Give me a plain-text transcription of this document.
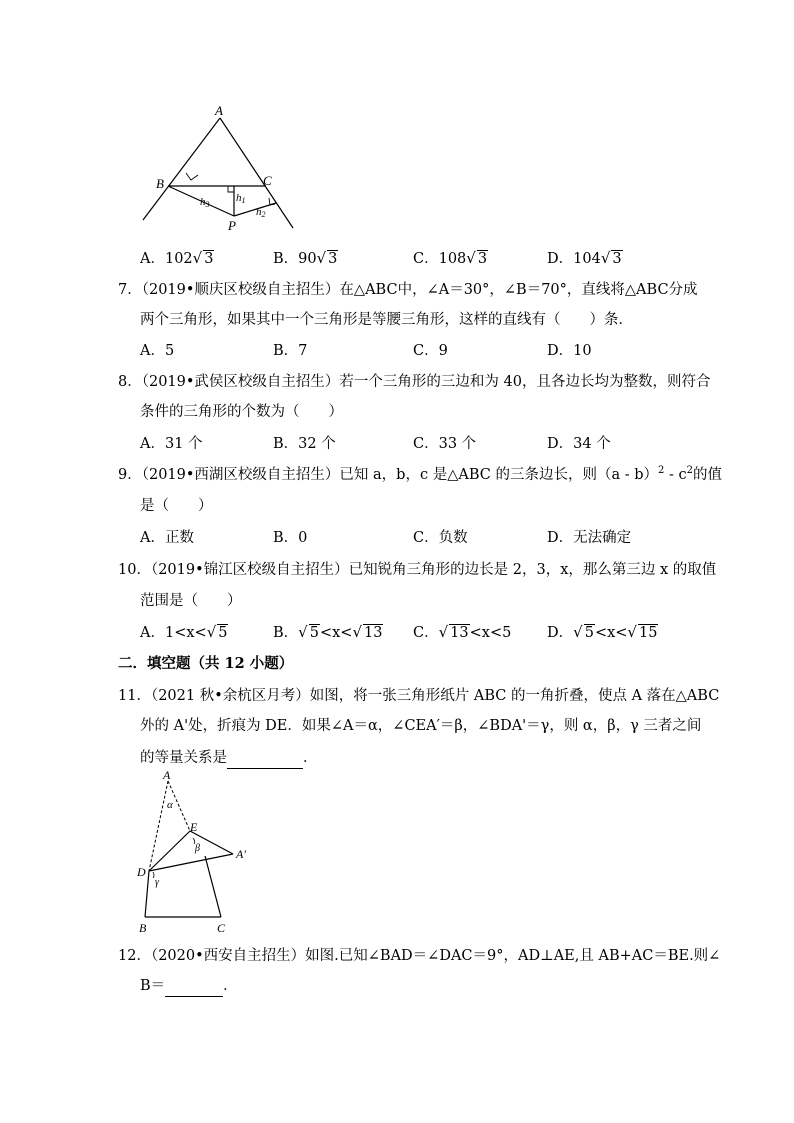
A
B	C
P
h1
h2
h3
A．102√ 3	B．90√ 3	C．108√ 3	D．104√ 3
7．（2019•顺庆区校级自主招生）在△ABC中，∠A＝30°，∠B＝70°，直线将△ABC分成
两个三角形，如果其中一个三角形是等腰三角形，这样的直线有（　　）条．
A．5	B．7	C．9	D．10
8．（2019•武侯区校级自主招生）若一个三角形的三边和为 40，且各边长均为整数，则符合
条件的三角形的个数为（　　）
A．31 个	B．32 个	C．33 个	D．34 个
9．（2019•西湖区校级自主招生）已知 a，b，c 是△ABC 的三条边长，则$(a - b)^2 - c^2$的值
是（　　）
A．正数	B．0	C．负数	D．无法确定
10．（2019•锦江区校级自主招生）已知锐角三角形的边长是 2，3，x，那么第三边 x 的取值
范围是（　　）
A．1<x<√ 5	B．√ 5<x<√ 13 C．√ 13<x<5 D．√ 5<x<√ 15
二．填空题（共 12 小题）
11．（2021 秋•余杭区月考）如图，将一张三角形纸片 ABC 的一角折叠，使点 A 落在△ABC
外的 A'处，折痕为 DE．如果∠A＝α，∠CEA′＝β，∠BDA'＝γ，则 α，β，γ 三者之间
的等量关系是	．
A
α
E
β	A′
D
γ
B	C
12．（2020•西安自主招生）如图.已知∠BAD＝∠DAC＝9°，AD⊥AE,且 AB+AC＝BE.则∠
B＝	．
